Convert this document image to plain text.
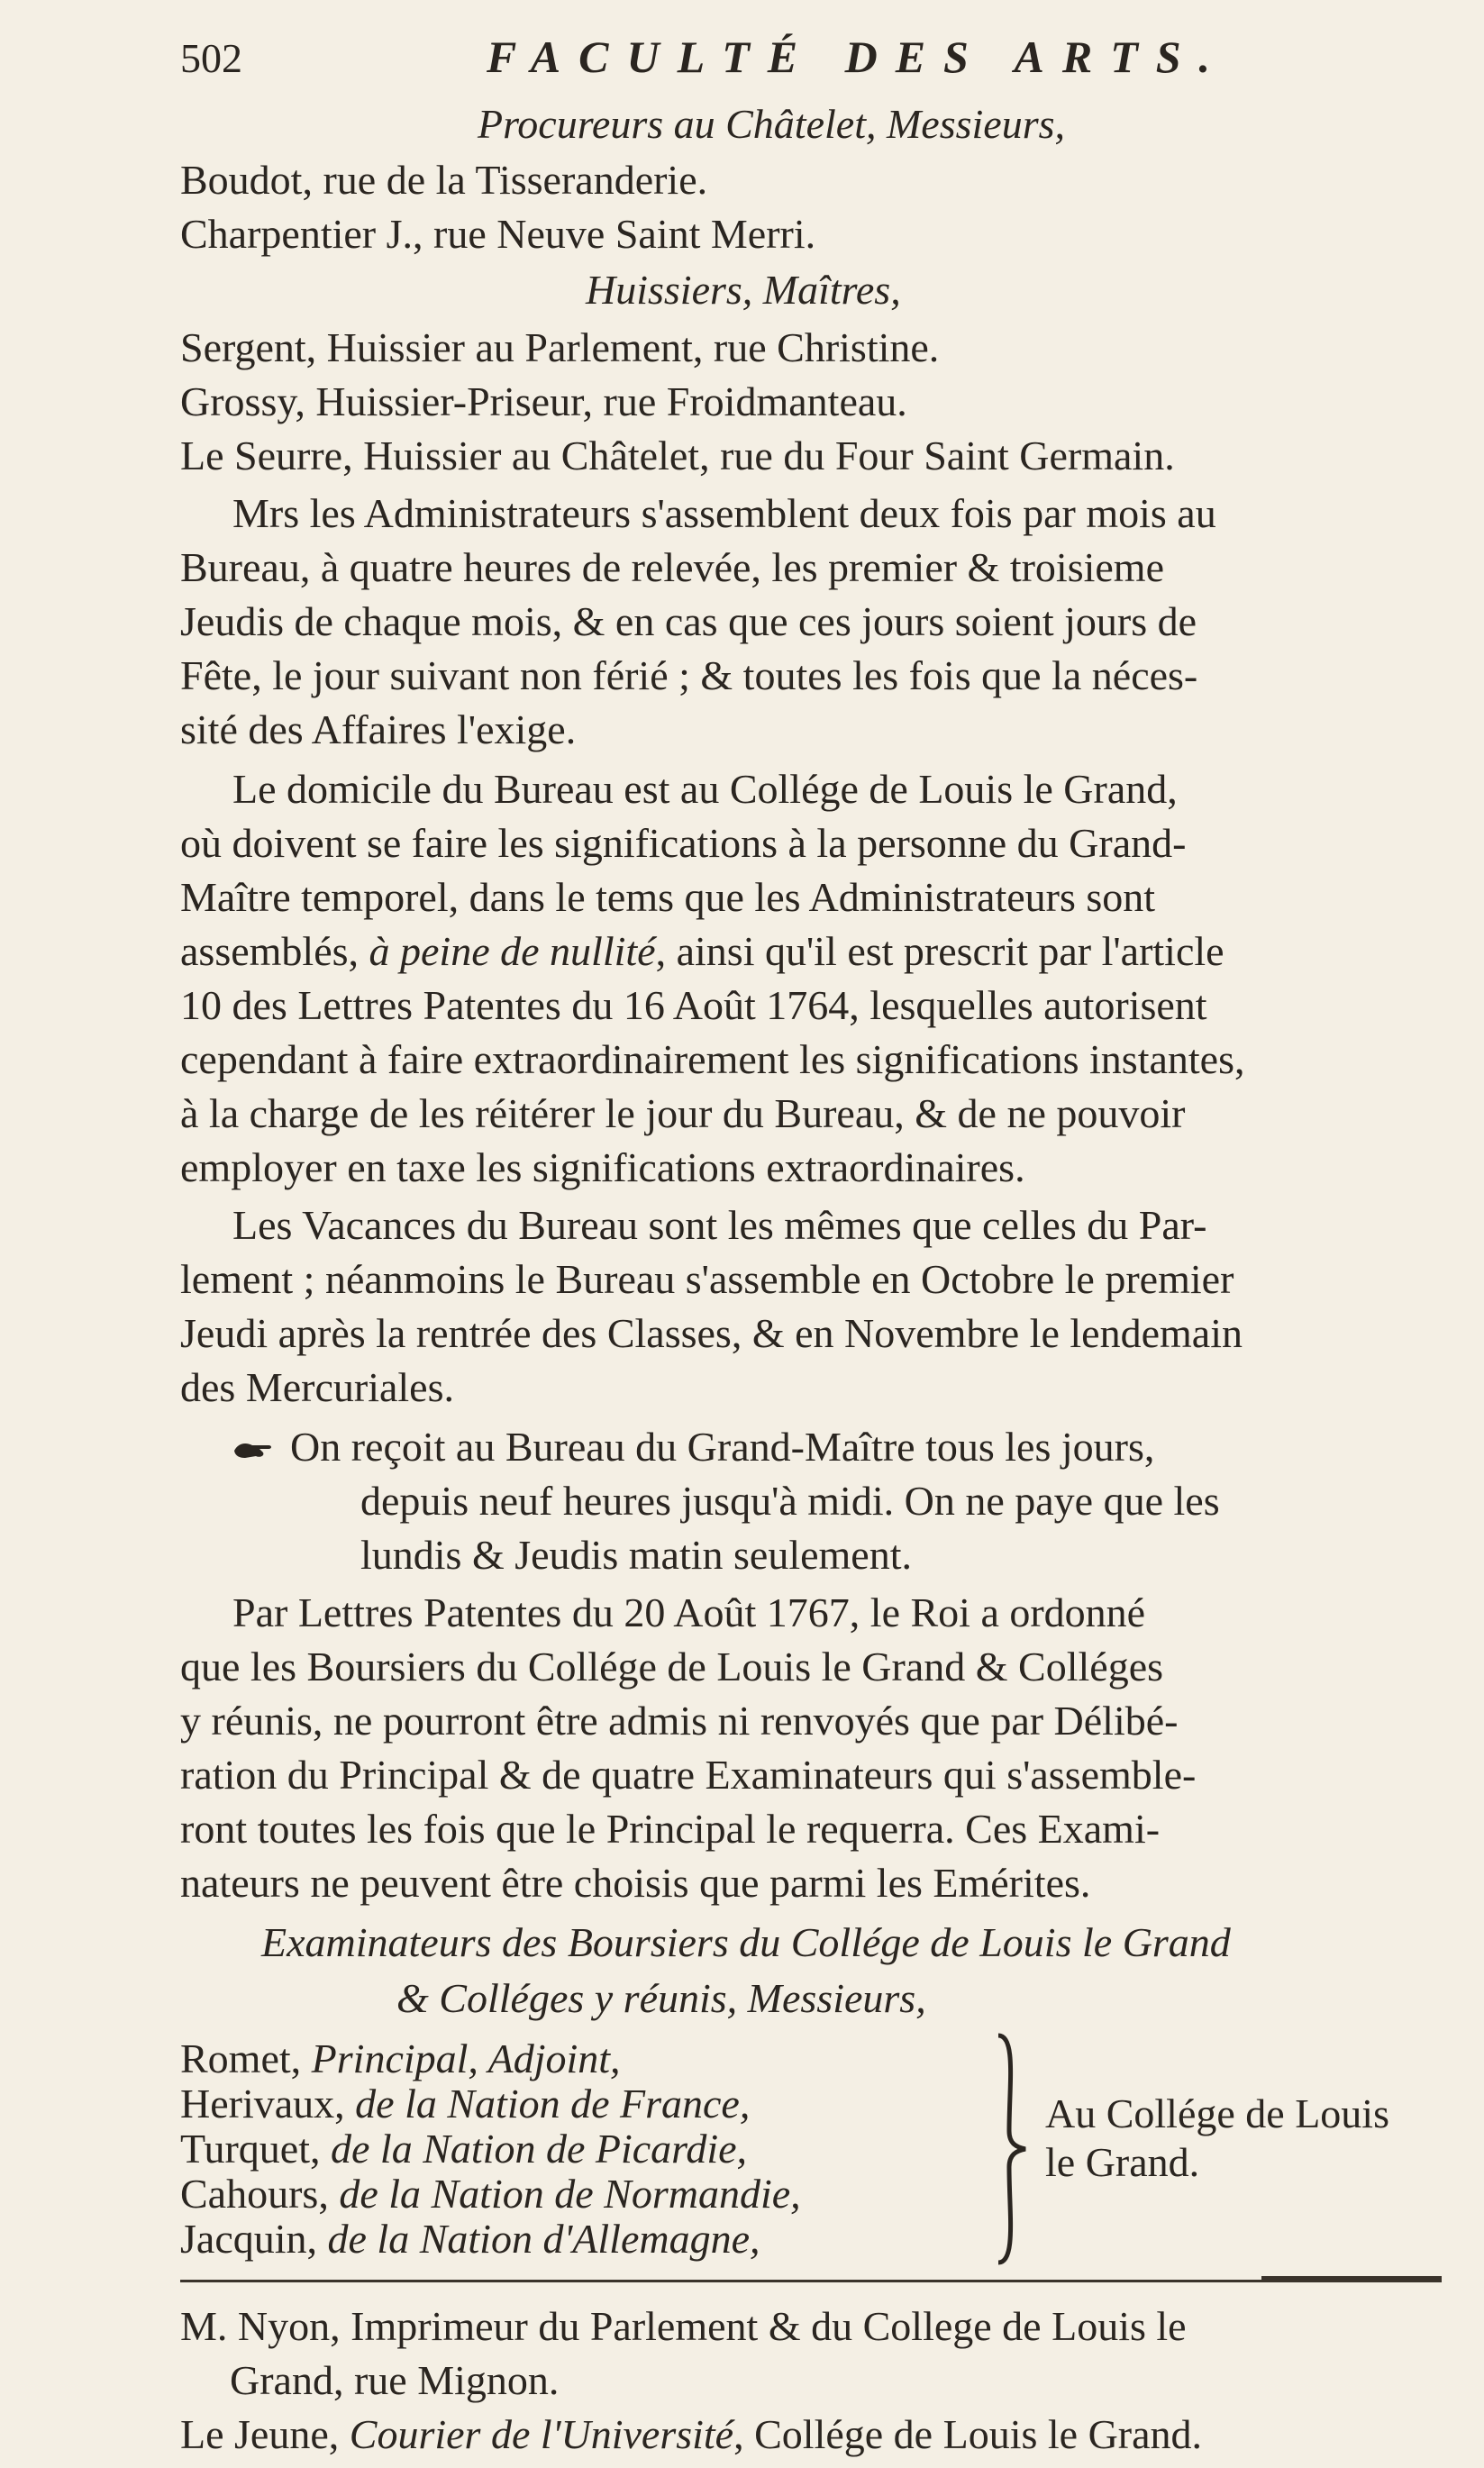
502	FACULTÉ DES ARTS.
Procureurs au Châtelet, Messieurs,
Boudot, rue de la Tisseranderie.
Charpentier J., rue Neuve Saint Merri.
Huissiers, Maîtres,
Sergent, Huissier au Parlement, rue Christine.
Grossy, Huissier-Priseur, rue Froidmanteau.
Le Seurre, Huissier au Châtelet, rue du Four Saint Germain.
Mrs les Administrateurs s'assemblent deux fois par mois au
Bureau, à quatre heures de relevée, les premier & troisieme
Jeudis de chaque mois, & en cas que ces jours soient jours de
Fête, le jour suivant non férié ; & toutes les fois que la néces-
sité des Affaires l'exige.
Le domicile du Bureau est au Collége de Louis le Grand,
où doivent se faire les significations à la personne du Grand-
Maître temporel, dans le tems que les Administrateurs sont
assemblés, à peine de nullité, ainsi qu'il est prescrit par l'article
10 des Lettres Patentes du 16 Août 1764, lesquelles autorisent
cependant à faire extraordinairement les significations instantes,
à la charge de les réitérer le jour du Bureau, & de ne pouvoir
employer en taxe les significations extraordinaires.
Les Vacances du Bureau sont les mêmes que celles du Par-
lement ; néanmoins le Bureau s'assemble en Octobre le premier
Jeudi après la rentrée des Classes, & en Novembre le lendemain
des Mercuriales.
On reçoit au Bureau du Grand-Maître tous les jours,
depuis neuf heures jusqu'à midi. On ne paye que les
lundis & Jeudis matin seulement.
Par Lettres Patentes du 20 Août 1767, le Roi a ordonné
que les Boursiers du Collége de Louis le Grand & Colléges
y réunis, ne pourront être admis ni renvoyés que par Délibé-
ration du Principal & de quatre Examinateurs qui s'assemble-
ront toutes les fois que le Principal le requerra. Ces Exami-
nateurs ne peuvent être choisis que parmi les Emérites.
Examinateurs des Boursiers du Collége de Louis le Grand
& Colléges y réunis, Messieurs,
Romet, Principal, Adjoint,
Herivaux, de la Nation de France,
Turquet, de la Nation de Picardie,
Cahours, de la Nation de Normandie,
Jacquin, de la Nation d'Allemagne,
Au Collége de Louis
le Grand.
M. Nyon, Imprimeur du Parlement & du College de Louis le
Grand, rue Mignon.
Le Jeune, Courier de l'Université, Collége de Louis le Grand.
